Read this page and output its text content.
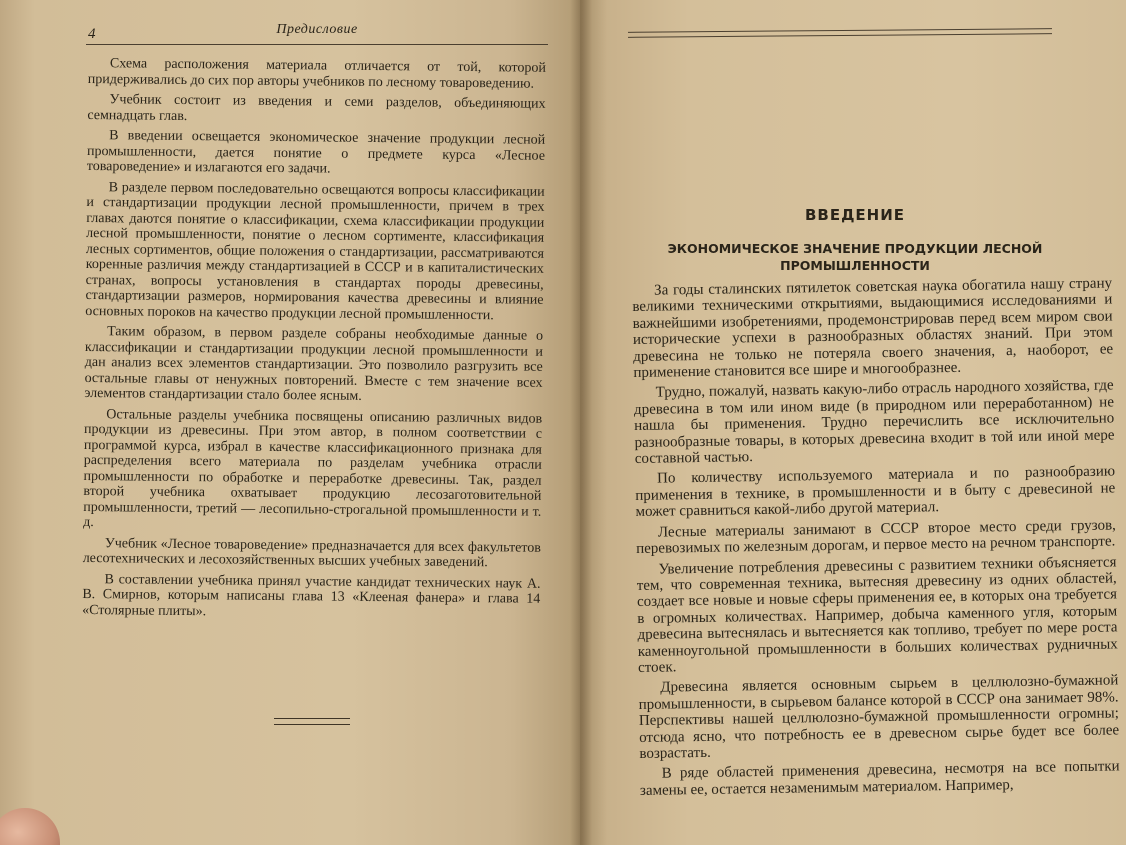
4	Предисловие

Схема расположения материала отличается от той, которой придерживались до сих пор авторы учебников по лесному товароведению.

Учебник состоит из введения и семи разделов, объединяющих семнадцать глав.

В введении освещается экономическое значение продукции лесной промышленности, дается понятие о предмете курса «Лесное товароведение» и излагаются его задачи.

В разделе первом последовательно освещаются вопросы классификации и стандартизации продукции лесной промышленности, причем в трех главах даются понятие о классификации, схема классификации продукции лесной промышленности, понятие о лесном сортименте, классификация лесных сортиментов, общие положения о стандартизации, рассматриваются коренные различия между стандартизацией в СССР и в капиталистических странах, вопросы установления в стандартах породы древесины, стандартизации размеров, нормирования качества древесины и влияние основных пороков на качество продукции лесной промышленности.

Таким образом, в первом разделе собраны необходимые данные о классификации и стандартизации продукции лесной промышленности и дан анализ всех элементов стандартизации. Это позволило разгрузить все остальные главы от ненужных повторений. Вместе с тем значение всех элементов стандартизации стало более ясным.

Остальные разделы учебника посвящены описанию различных видов продукции из древесины. При этом автор, в полном соответствии с программой курса, избрал в качестве классификационного признака для распределения всего материала по разделам учебника отрасли промышленности по обработке и переработке древесины. Так, раздел второй учебника охватывает продукцию лесозаготовительной промышленности, третий — лесопильно-строгальной промышленности и т. д.

Учебник «Лесное товароведение» предназначается для всех факультетов лесотехнических и лесохозяйственных высших учебных заведений.

В составлении учебника принял участие кандидат технических наук А. В. Смирнов, которым написаны глава 13 «Клееная фанера» и глава 14 «Столярные плиты».

ВВЕДЕНИЕ
ЭКОНОМИЧЕСКОЕ ЗНАЧЕНИЕ ПРОДУКЦИИ ЛЕСНОЙ ПРОМЫШЛЕННОСТИ

За годы сталинских пятилеток советская наука обогатила нашу страну великими техническими открытиями, выдающимися исследованиями и важнейшими изобретениями, продемонстрировав перед всем миром свои исторические успехи в разнообразных областях знаний. При этом древесина не только не потеряла своего значения, а, наоборот, ее применение становится все шире и многообразнее.

Трудно, пожалуй, назвать какую-либо отрасль народного хозяйства, где древесина в том или ином виде (в природном или переработанном) не нашла бы применения. Трудно перечислить все исключительно разнообразные товары, в которых древесина входит в той или иной мере составной частью.

По количеству используемого материала и по разнообразию применения в технике, в промышленности и в быту с древесиной не может сравниться какой-либо другой материал.

Лесные материалы занимают в СССР второе место среди грузов, перевозимых по железным дорогам, и первое место на речном транспорте.

Увеличение потребления древесины с развитием техники объясняется тем, что современная техника, вытесняя древесину из одних областей, создает все новые и новые сферы применения ее, в которых она требуется в огромных количествах. Например, добыча каменного угля, которым древесина вытеснялась и вытесняется как топливо, требует по мере роста каменноугольной промышленности в больших количествах рудничных стоек.

Древесина является основным сырьем в целлюлозно-бумажной промышленности, в сырьевом балансе которой в СССР она занимает 98%. Перспективы нашей целлюлозно-бумажной промышленности огромны; отсюда ясно, что потребность ее в древесном сырье будет все более возрастать.

В ряде областей применения древесина, несмотря на все попытки замены ее, остается незаменимым материалом. Например,
